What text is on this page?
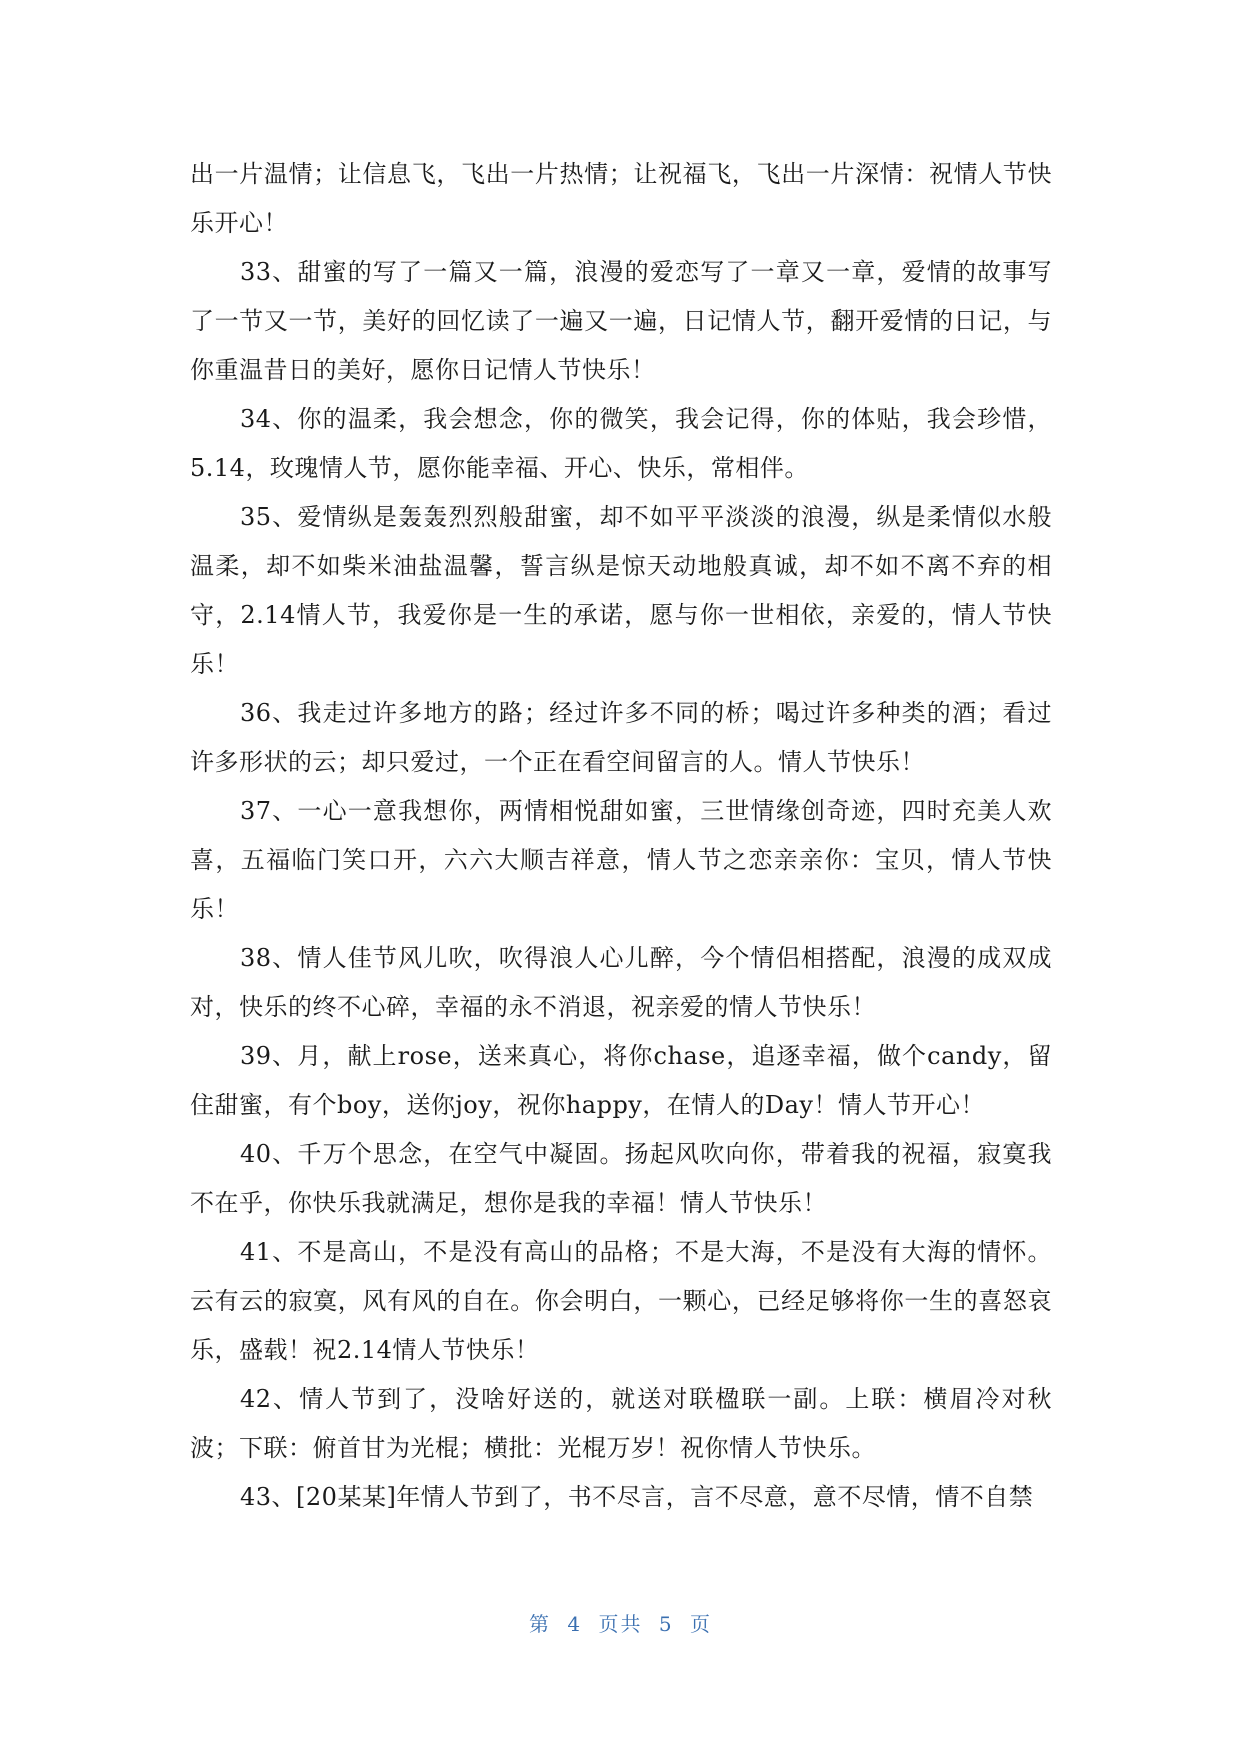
出一片温情；让信息飞，飞出一片热情；让祝福飞，飞出一片深情：祝情人节快乐开心！

33、甜蜜的写了一篇又一篇，浪漫的爱恋写了一章又一章，爱情的故事写了一节又一节，美好的回忆读了一遍又一遍，日记情人节，翻开爱情的日记，与你重温昔日的美好，愿你日记情人节快乐！

34、你的温柔，我会想念，你的微笑，我会记得，你的体贴，我会珍惜，5.14，玫瑰情人节，愿你能幸福、开心、快乐，常相伴。

35、爱情纵是轰轰烈烈般甜蜜，却不如平平淡淡的浪漫，纵是柔情似水般温柔，却不如柴米油盐温馨，誓言纵是惊天动地般真诚，却不如不离不弃的相守，2.14情人节，我爱你是一生的承诺，愿与你一世相依，亲爱的，情人节快乐！

36、我走过许多地方的路；经过许多不同的桥；喝过许多种类的酒；看过许多形状的云；却只爱过，一个正在看空间留言的人。情人节快乐！

37、一心一意我想你，两情相悦甜如蜜，三世情缘创奇迹，四时充美人欢喜，五福临门笑口开，六六大顺吉祥意，情人节之恋亲亲你：宝贝，情人节快乐！

38、情人佳节风儿吹，吹得浪人心儿醉，今个情侣相搭配，浪漫的成双成对，快乐的终不心碎，幸福的永不消退，祝亲爱的情人节快乐！

39、月，献上rose，送来真心，将你chase，追逐幸福，做个candy，留住甜蜜，有个boy，送你joy，祝你happy，在情人的Day！情人节开心！

40、千万个思念，在空气中凝固。扬起风吹向你，带着我的祝福，寂寞我不在乎，你快乐我就满足，想你是我的幸福！情人节快乐！

41、不是高山，不是没有高山的品格；不是大海，不是没有大海的情怀。云有云的寂寞，风有风的自在。你会明白，一颗心，已经足够将你一生的喜怒哀乐，盛载！祝2.14情人节快乐！

42、情人节到了，没啥好送的，就送对联楹联一副。上联：横眉冷对秋波；下联：俯首甘为光棍；横批：光棍万岁！祝你情人节快乐。

43、[20某某]年情人节到了，书不尽言，言不尽意，意不尽情，情不自禁

第 4 页共 5 页
